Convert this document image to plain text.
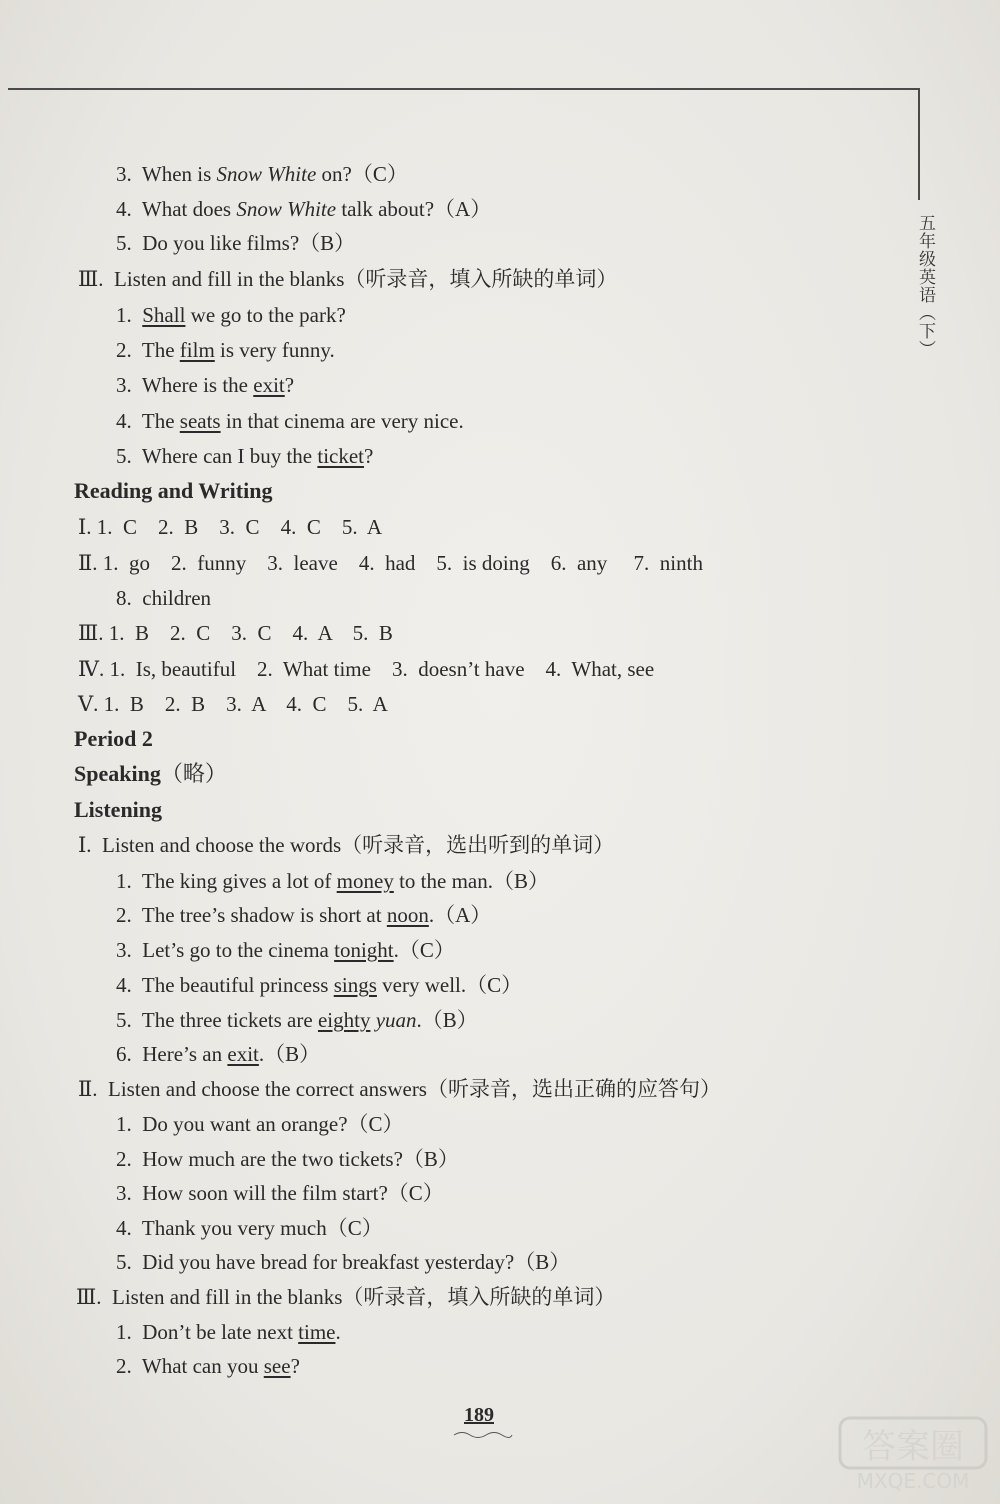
五年级英语（下）
3.  When is Snow White on?（C）
4.  What does Snow White talk about?（A）
5.  Do you like films?（B）
Ⅲ.  Listen and fill in the blanks（听录音，填入所缺的单词）
1.  Shall we go to the park?
2.  The film is very funny.
3.  Where is the exit?
4.  The seats in that cinema are very nice.
5.  Where can I buy the ticket?
Reading and Writing
Ⅰ. 1.  C    2.  B    3.  C    4.  C    5.  A
Ⅱ. 1.  go    2.  funny    3.  leave    4.  had    5.  is doing    6.  any     7.  ninth
8.  children
Ⅲ. 1.  B    2.  C    3.  C    4.  A    5.  B
Ⅳ. 1.  Is, beautiful    2.  What time    3.  doesn’t have    4.  What, see
Ⅴ. 1.  B    2.  B    3.  A    4.  C    5.  A
Period 2
Speaking（略）
Listening
Ⅰ.  Listen and choose the words（听录音，选出听到的单词）
1.  The king gives a lot of money to the man.（B）
2.  The tree’s shadow is short at noon.（A）
3.  Let’s go to the cinema tonight.（C）
4.  The beautiful princess sings very well.（C）
5.  The three tickets are eighty yuan.（B）
6.  Here’s an exit.（B）
Ⅱ.  Listen and choose the correct answers（听录音，选出正确的应答句）
1.  Do you want an orange?（C）
2.  How much are the two tickets?（B）
3.  How soon will the film start?（C）
4.  Thank you very much（C）
5.  Did you have bread for breakfast yesterday?（B）
Ⅲ.  Listen and fill in the blanks（听录音，填入所缺的单词）
1.  Don’t be late next time.
2.  What can you see?
189
答案圈
MXQE.COM
